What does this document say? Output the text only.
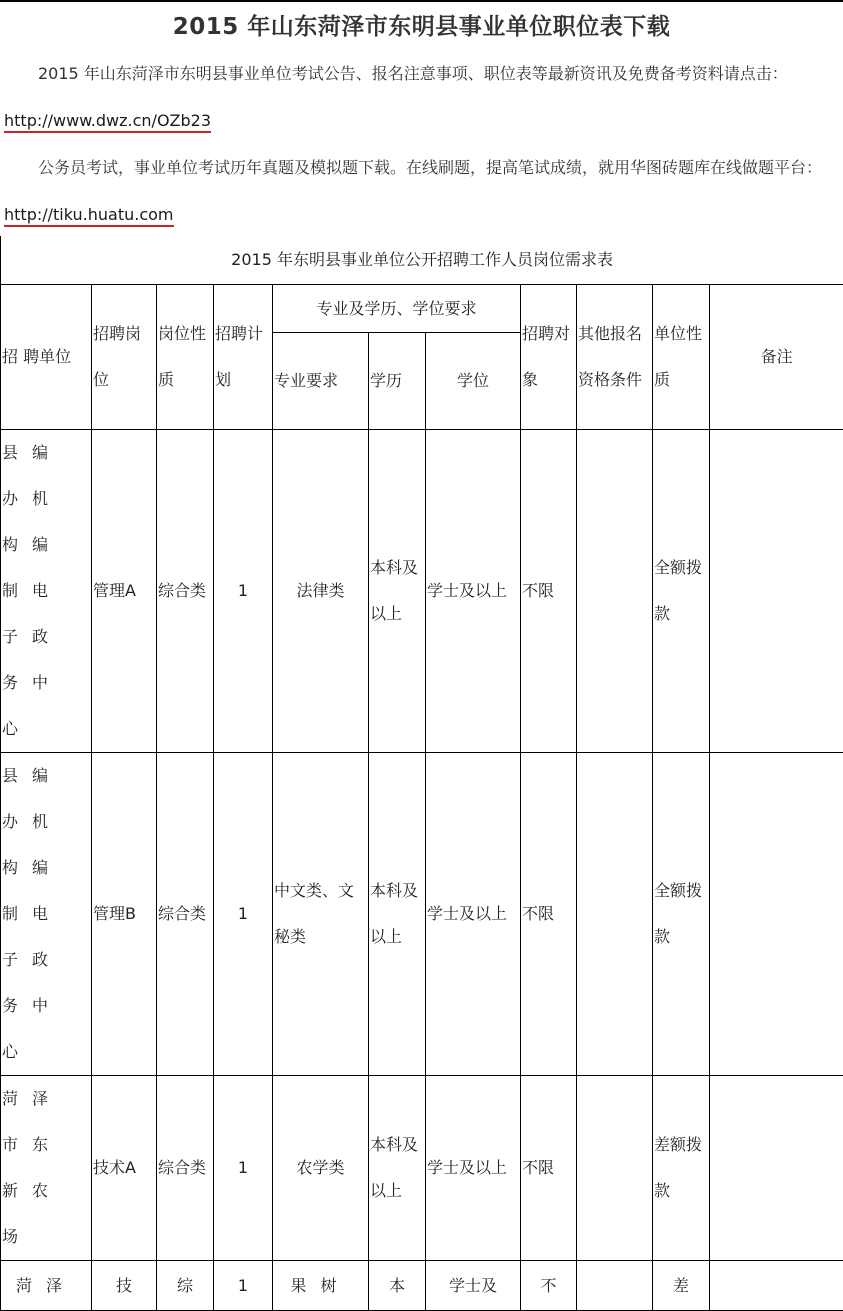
2015 年山东菏泽市东明县事业单位职位表下载
2015 年山东菏泽市东明县事业单位考试公告、报名注意事项、职位表等最新资讯及免费备考资料请点击：http://www.dwz.cn/OZb23
公务员考试，事业单位考试历年真题及模拟题下载。在线刷题，提高笔试成绩，就用华图砖题库在线做题平台：http://tiku.huatu.com
2015 年东明县事业单位公开招聘工作人员岗位需求表										
招 聘单位	招聘岗位	岗位性质	招聘计划	专业及学历、学位要求			招聘对象	其他报名资格条件	单位性质	备注
				专业要求	学历	学位				
县编办机构编制电子政务中心	管理A	综合类	1	法律类	本科及以上	学士及以上	不限		全额拨款	
县编办机构编制电子政务中心	管理B	综合类	1	中文类、文秘类	本科及以上	学士及以上	不限		全额拨款	
菏泽市东新农场	技术A	综合类	1	农学类	本科及以上	学士及以上	不限		差额拨款	
菏泽	技	综	1	果树	本	学士及	不		差	
